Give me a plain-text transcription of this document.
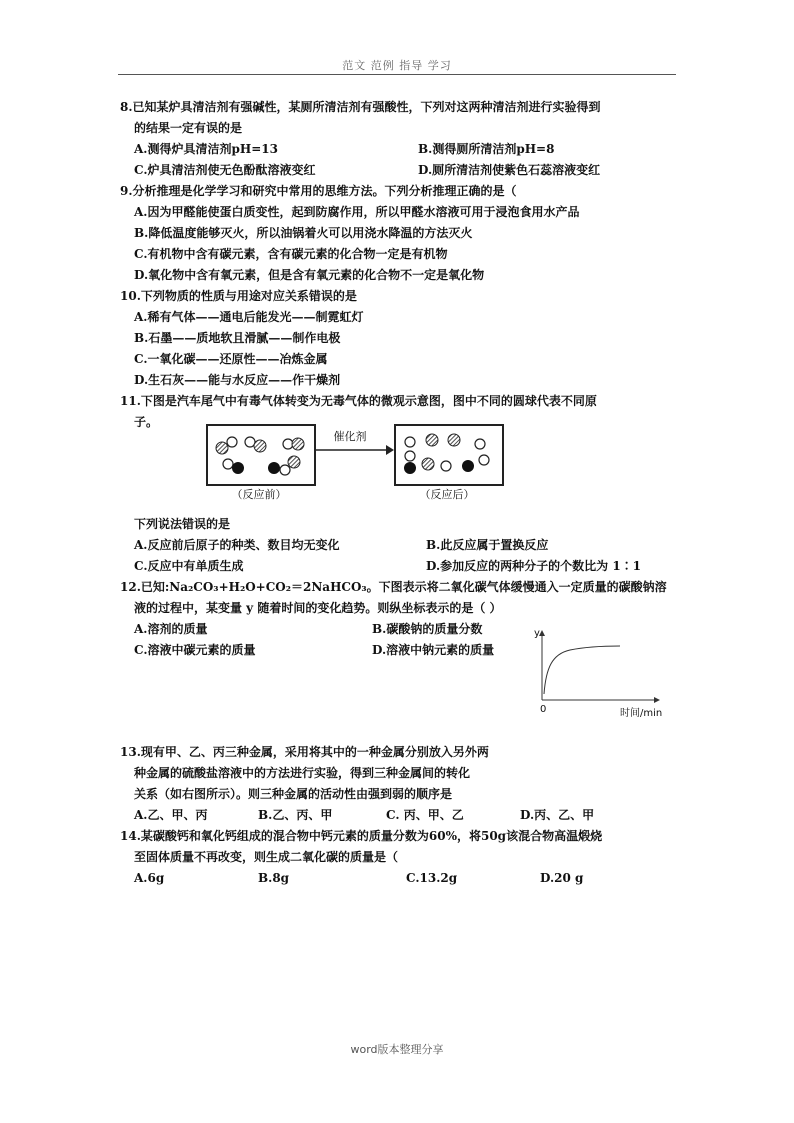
范文 范例 指导 学习
8.已知某炉具清洁剂有强碱性，某厕所清洁剂有强酸性，下列对这两种清洁剂进行实验得到
的结果一定有误的是
A.测得炉具清洁剂pH=13	B.测得厕所清洁剂pH=8
C.炉具清洁剂使无色酚酞溶液变红	D.厕所清洁剂使紫色石蕊溶液变红
9.分析推理是化学学习和研究中常用的思维方法。下列分析推理正确的是（
A.因为甲醛能使蛋白质变性，起到防腐作用，所以甲醛水溶液可用于浸泡食用水产品
B.降低温度能够灭火，所以油锅着火可以用浇水降温的方法灭火
C.有机物中含有碳元素，含有碳元素的化合物一定是有机物
D.氧化物中含有氧元素，但是含有氧元素的化合物不一定是氧化物
10.下列物质的性质与用途对应关系错误的是
A.稀有气体——通电后能发光——制霓虹灯
B.石墨——质地软且滑腻——制作电极
C.一氧化碳——还原性——冶炼金属
D.生石灰——能与水反应——作干燥剂
11.下图是汽车尾气中有毒气体转变为无毒气体的微观示意图，图中不同的圆球代表不同原
子。
催化剂
（反应前）	（反应后）
下列说法错误的是
A.反应前后原子的种类、数目均无变化	B.此反应属于置换反应
C.反应中有单质生成	D.参加反应的两种分子的个数比为 1∶1
12.已知:Na₂CO₃+H₂O+CO₂＝2NaHCO₃。下图表示将二氧化碳气体缓慢通入一定质量的碳酸钠溶
液的过程中，某变量 y 随着时间的变化趋势。则纵坐标表示的是（ ）
A.溶剂的质量	B.碳酸钠的质量分数
C.溶液中碳元素的质量	D.溶液中钠元素的质量
y
0	时间/min
13.现有甲、乙、丙三种金属，采用将其中的一种金属分别放入另外两
种金属的硫酸盐溶液中的方法进行实验，得到三种金属间的转化
关系（如右图所示）。则三种金属的活动性由强到弱的顺序是
A.乙、甲、丙	B.乙、丙、甲	C. 丙、甲、乙	D.丙、乙、甲
14.某碳酸钙和氧化钙组成的混合物中钙元素的质量分数为60%，将50g该混合物高温煅烧
至固体质量不再改变，则生成二氧化碳的质量是（
A.6g	B.8g	C.13.2g	D.20 g
word版本整理分享
